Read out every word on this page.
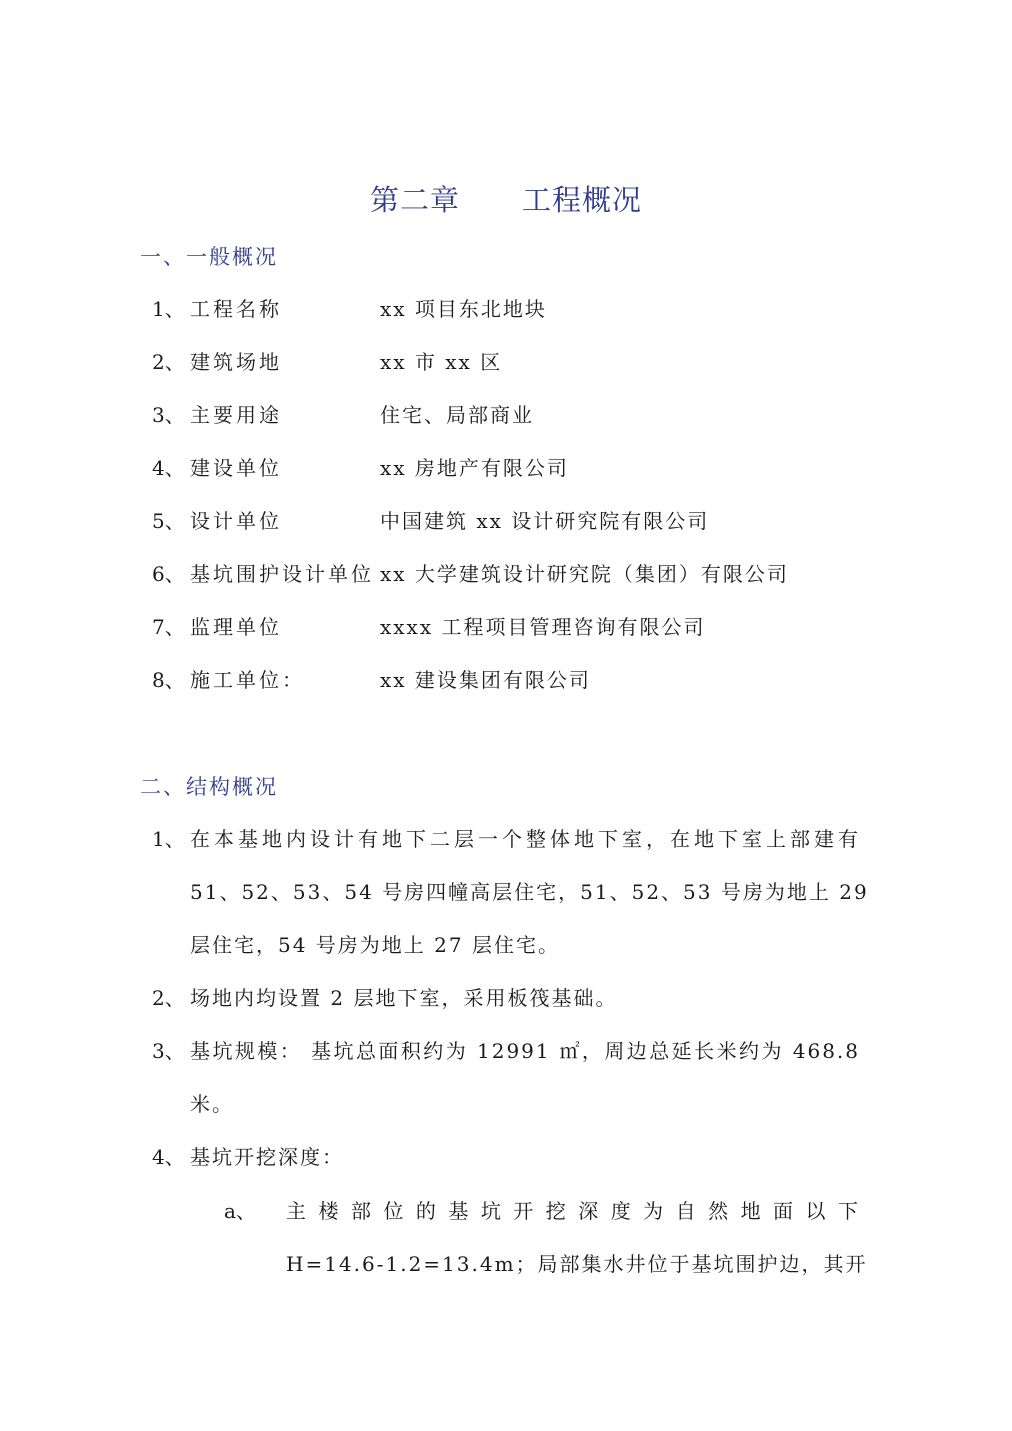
第二章 工程概况
一、一般概况
1、 工程名称	xx 项目东北地块
2、 建筑场地	xx 市 xx 区
3、 主要用途	住宅、局部商业
4、 建设单位	xx 房地产有限公司
5、 设计单位	中国建筑 xx 设计研究院有限公司
6、 基坑围护设计单位 xx 大学建筑设计研究院（集团）有限公司
7、 监理单位	xxxx 工程项目管理咨询有限公司
8、 施工单位：	xx 建设集团有限公司
二、结构概况
1、 在本基地内设计有地下二层一个整体地下室，在地下室上部建有
51、52、53、54 号房四幢高层住宅，51、52、53 号房为地上 29
层住宅，54 号房为地上 27 层住宅。
2、 场地内均设置 2 层地下室，采用板筏基础。
3、 基坑规模： 基坑总面积约为 12991 ㎡，周边总延长米约为 468.8
米。
4、 基坑开挖深度：
a、 主楼部位的基坑开挖深度为自然地面以下
H=14.6-1.2=13.4m；局部集水井位于基坑围护边，其开
